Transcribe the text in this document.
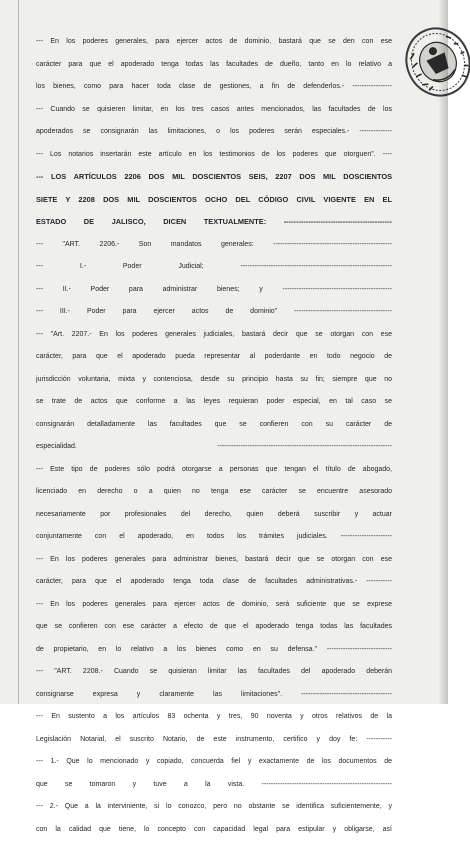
--- En los poderes generales, para ejercer actos de dominio, bastará que se den con ese
carácter para que el apoderado tenga todas las facultades de dueño, tanto en lo relativo a
los bienes, como para hacer toda clase de gestiones, a fin de defenderlos.- -----------------
--- Cuando se quisieren limitar, en los tres casos antes mencionados, las facultades de los
apoderados se consignarán las limitaciones, o los poderes serán especiales.- --------------
--- Los notarios insertarán este artículo en los testimonios de los poderes que otorguen". ----
--- LOS ARTÍCULOS 2206 DOS MIL DOSCIENTOS SEIS, 2207 DOS MIL DOSCIENTOS
SIETE Y 2208 DOS MIL DOSCIENTOS OCHO DEL CÓDIGO CIVIL VIGENTE EN EL
ESTADO DE JALISCO, DICEN TEXTUALMENTE: --------------------------------------------
--- "ART. 2206.- Son mandatos generales: ---------------------------------------------------
--- I.- Poder Judicial; -----------------------------------------------------------------
--- II.- Poder para administrar bienes; y -----------------------------------------------
--- III.- Poder para ejercer actos de dominio" ------------------------------------------
--- "Art. 2207.- En los poderes generales judiciales, bastará decir que se otorgan con ese
carácter, para que el apoderado pueda representar al poderdante en todo negocio de
jurisdicción voluntaria, mixta y contenciosa, desde su principio hasta su fin; siempre que no
se trate de actos que conforme a las leyes requieran poder especial, en tal caso se
consignarán detalladamente las facultades que se confieren con su carácter de
especialidad. ---------------------------------------------------------------------------
--- Este tipo de poderes sólo podrá otorgarse a personas que tengan el título de abogado,
licenciado en derecho o a quien no tenga ese carácter se encuentre asesorado
necesariamente por profesionales del derecho, quien deberá suscribir y actuar
conjuntamente con el apoderado, en todos los trámites judiciales. ----------------------
--- En los poderes generales para administrar bienes, bastará decir que se otorgan con ese
carácter, para que el apoderado tenga toda clase de facultades administrativas.- -----------
--- En los poderes generales para ejercer actos de dominio, será suficiente que se exprese
que se confieren con ese carácter a efecto de que el apoderado tenga todas las facultades
de propietario, en lo relativo a los bienes como en su defensa." ----------------------------
--- "ART. 2208.- Cuando se quisieran limitar las facultades del apoderado deberán
consignarse expresa y claramente las limitaciones". ---------------------------------------
--- En sustento a los artículos 83 ochenta y tres, 90 noventa y otros relativos de la
Legislación Notarial, el suscrito Notario, de este instrumento, certifico y doy fe: -----------
--- 1.- Que lo mencionado y copiado, concuerda fiel y exactamente de los documentos de
que se tomaron y tuve a la vista. --------------------------------------------------------
--- 2.- Que a la interviniente, si lo conozco, pero no obstante se identifica suficientemente, y
con la calidad que tiene, lo concepto con capacidad legal para estipular y obligarse, así
